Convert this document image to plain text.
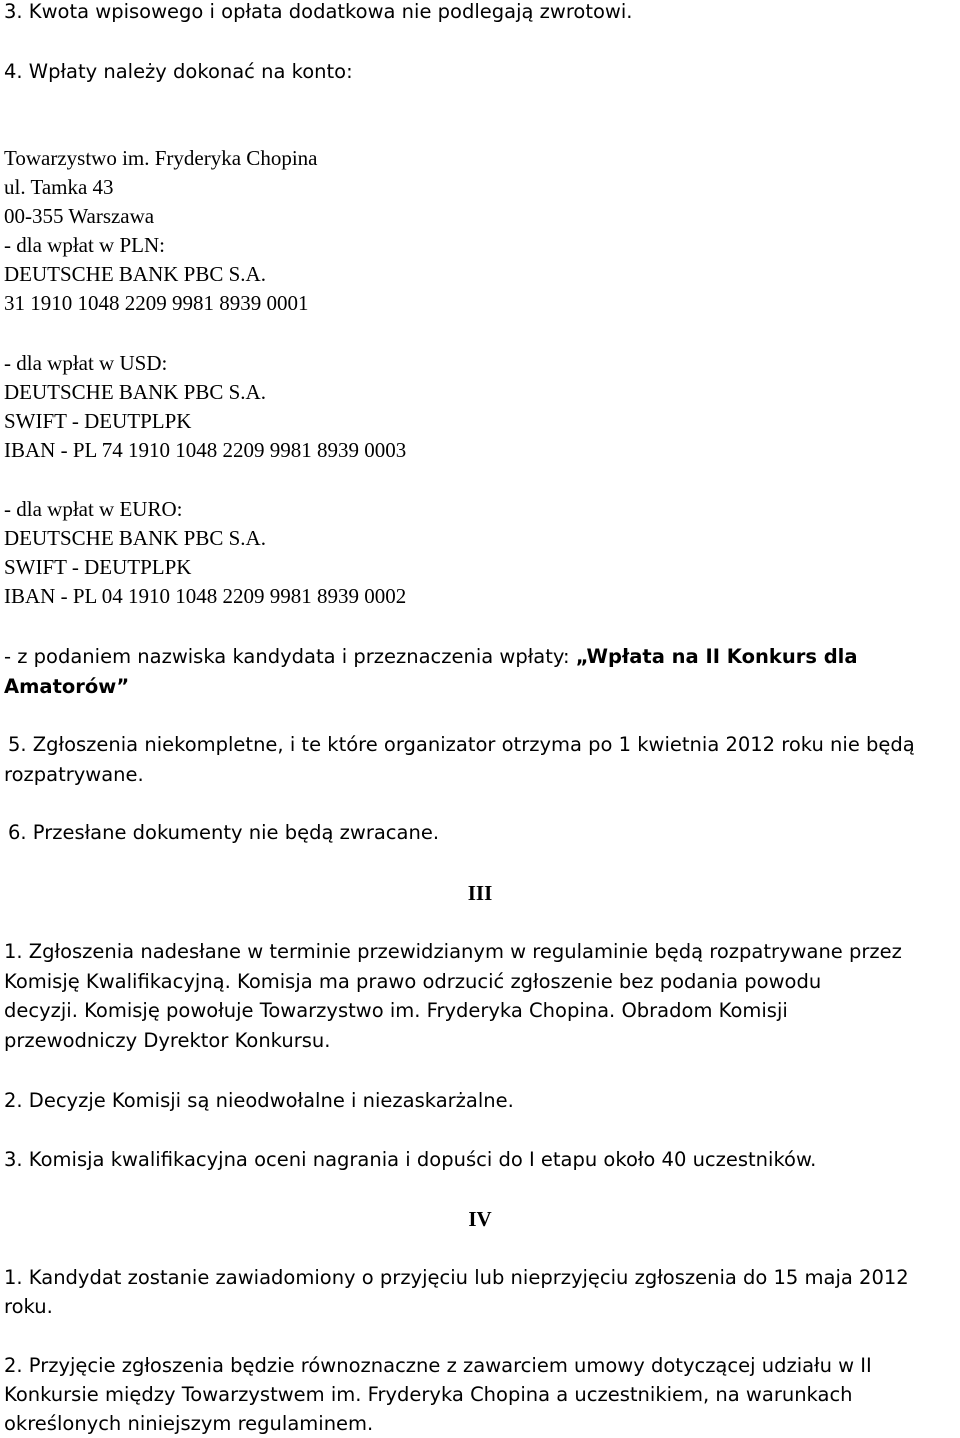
3. Kwota wpisowego i opłata dodatkowa nie podlegają zwrotowi.
4. Wpłaty należy dokonać na konto:
Towarzystwo im. Fryderyka Chopina
ul. Tamka 43
00-355 Warszawa
- dla wpłat w PLN:
DEUTSCHE BANK PBC S.A.
31 1910 1048 2209 9981 8939 0001
- dla wpłat w USD:
DEUTSCHE BANK PBC S.A.
SWIFT - DEUTPLPK
IBAN - PL 74 1910 1048 2209 9981 8939 0003
- dla wpłat w EURO:
DEUTSCHE BANK PBC S.A.
SWIFT - DEUTPLPK
IBAN - PL 04 1910 1048 2209 9981 8939 0002
- z podaniem nazwiska kandydata i przeznaczenia wpłaty: „Wpłata na II Konkurs dla
Amatorów”
5. Zgłoszenia niekompletne, i te które organizator otrzyma po 1 kwietnia 2012 roku nie będą
rozpatrywane.
6. Przesłane dokumenty nie będą zwracane.
III
1. Zgłoszenia nadesłane w terminie przewidzianym w regulaminie będą rozpatrywane przez
Komisję Kwalifikacyjną. Komisja ma prawo odrzucić zgłoszenie bez podania powodu
decyzji. Komisję powołuje Towarzystwo im. Fryderyka Chopina. Obradom Komisji
przewodniczy Dyrektor Konkursu.
2. Decyzje Komisji są nieodwołalne i niezaskarżalne.
3. Komisja kwalifikacyjna oceni nagrania i dopuści do I etapu około 40 uczestników.
IV
1. Kandydat zostanie zawiadomiony o przyjęciu lub nieprzyjęciu zgłoszenia do 15 maja 2012
roku.
2. Przyjęcie zgłoszenia będzie równoznaczne z zawarciem umowy dotyczącej udziału w II
Konkursie między Towarzystwem im. Fryderyka Chopina a uczestnikiem, na warunkach
określonych niniejszym regulaminem.
